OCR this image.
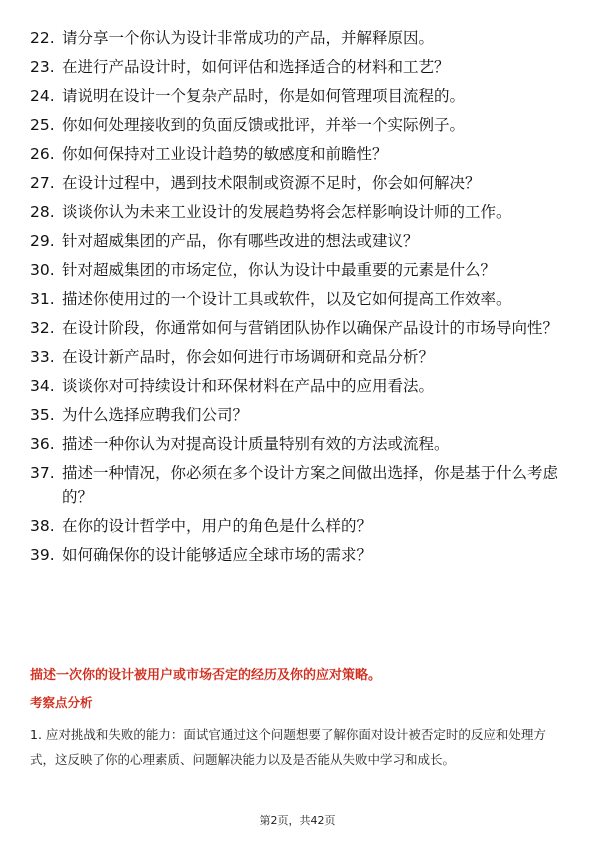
22. 请分享一个你认为设计非常成功的产品，并解释原因。
23. 在进行产品设计时，如何评估和选择适合的材料和工艺？
24. 请说明在设计一个复杂产品时，你是如何管理项目流程的。
25. 你如何处理接收到的负面反馈或批评，并举一个实际例子。
26. 你如何保持对工业设计趋势的敏感度和前瞻性？
27. 在设计过程中，遇到技术限制或资源不足时，你会如何解决？
28. 谈谈你认为未来工业设计的发展趋势将会怎样影响设计师的工作。
29. 针对超威集团的产品，你有哪些改进的想法或建议？
30. 针对超威集团的市场定位，你认为设计中最重要的元素是什么？
31. 描述你使用过的一个设计工具或软件，以及它如何提高工作效率。
32. 在设计阶段，你通常如何与营销团队协作以确保产品设计的市场导向性？
33. 在设计新产品时，你会如何进行市场调研和竞品分析？
34. 谈谈你对可持续设计和环保材料在产品中的应用看法。
35. 为什么选择应聘我们公司？
36. 描述一种你认为对提高设计质量特别有效的方法或流程。
37. 描述一种情况，你必须在多个设计方案之间做出选择，你是基于什么考虑的？
38. 在你的设计哲学中，用户的角色是什么样的？
39. 如何确保你的设计能够适应全球市场的需求？
描述一次你的设计被用户或市场否定的经历及你的应对策略。
考察点分析

1. 应对挑战和失败的能力：面试官通过这个问题想要了解你面对设计被否定时的反应和处理方式，这反映了你的心理素质、问题解决能力以及是否能从失败中学习和成长。

第2页，共42页
